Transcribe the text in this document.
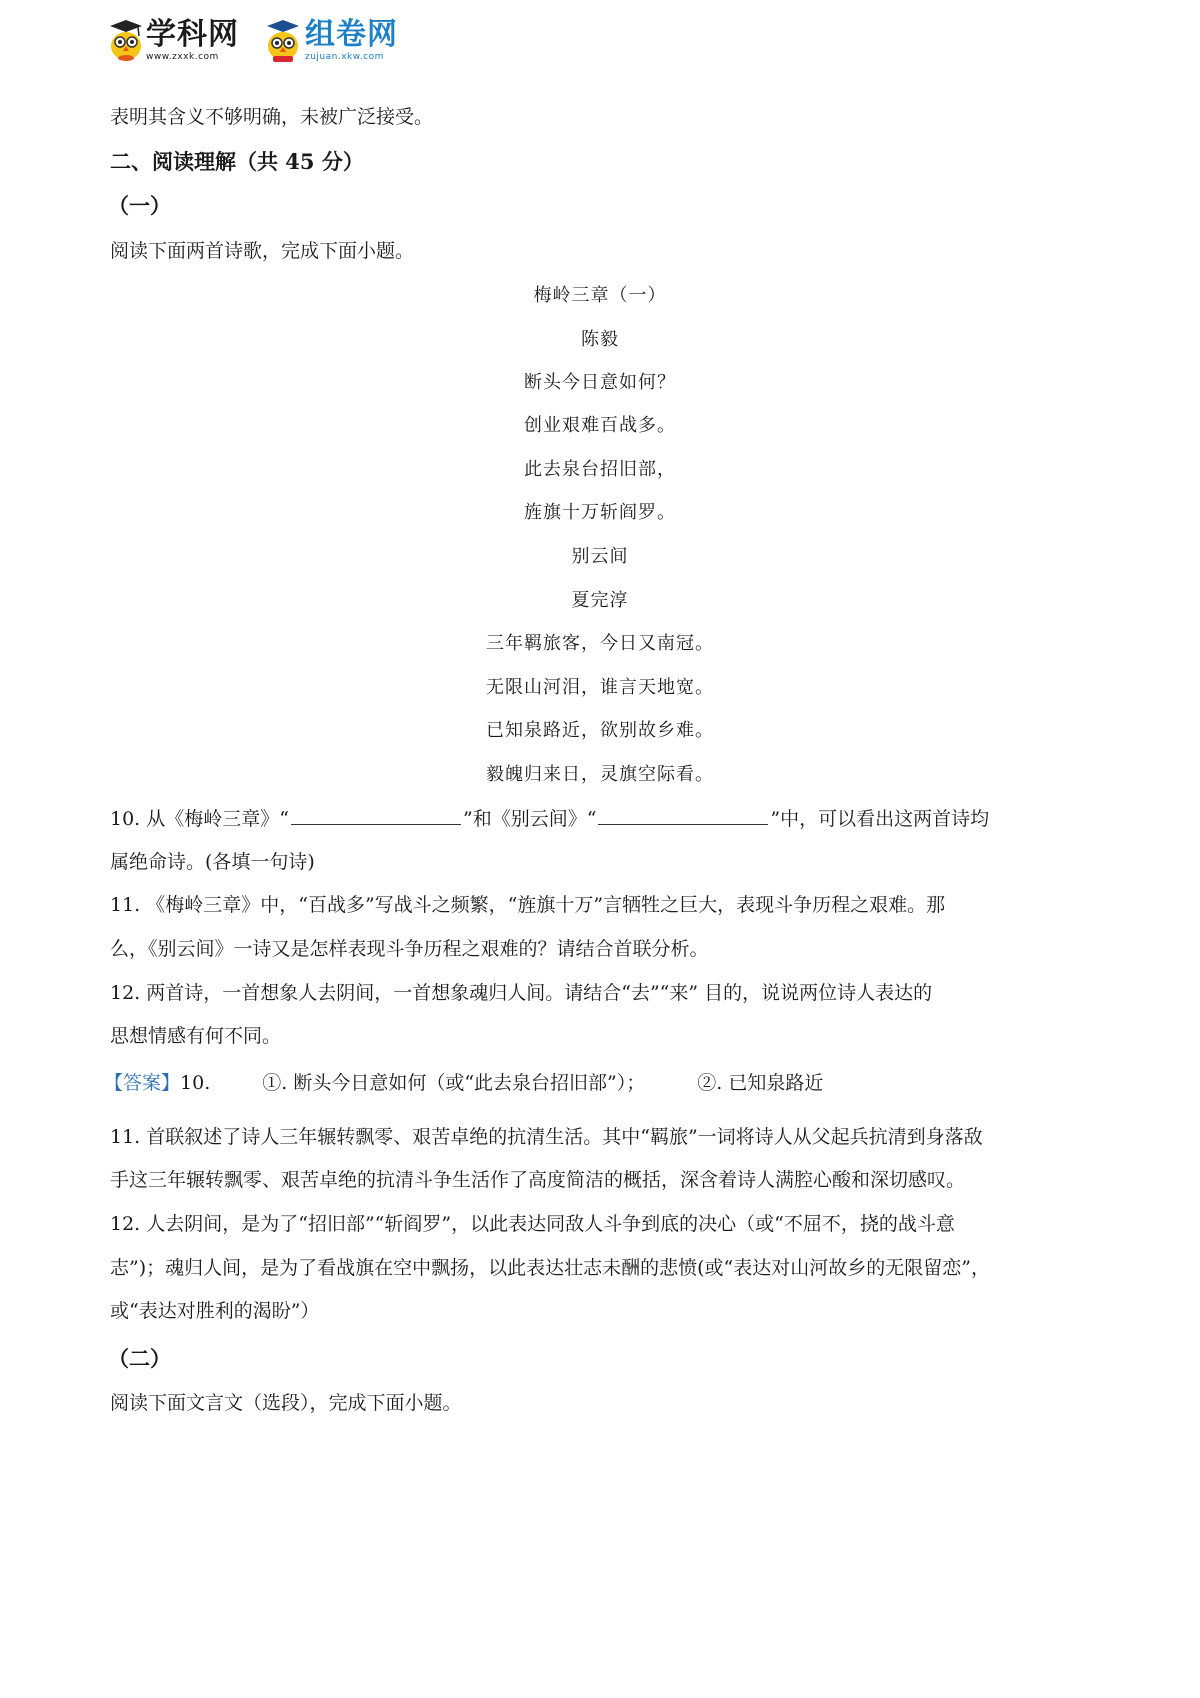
学科网
www.zxxk.com
组卷网
zujuan.xkw.com
表明其含义不够明确，未被广泛接受。
二、阅读理解（共 45 分）
（一）
阅读下面两首诗歌，完成下面小题。
梅岭三章（一）
陈毅
断头今日意如何？
创业艰难百战多。
此去泉台招旧部，
旌旗十万斩阎罗。
别云间
夏完淳
三年羁旅客，今日又南冠。
无限山河泪，谁言天地宽。
已知泉路近，欲别故乡难。
毅魄归来日，灵旗空际看。
10. 从《梅岭三章》“	”和《别云间》“	”中，可以看出这两首诗均
属绝命诗。(各填一句诗)
11. 《梅岭三章》中，“百战多”写战斗之频繁，“旌旗十万”言牺牲之巨大，表现斗争历程之艰难。那
么，《别云间》一诗又是怎样表现斗争历程之艰难的？请结合首联分析。
12. 两首诗，一首想象人去阴间，一首想象魂归人间。请结合“去”“来” 目的，说说两位诗人表达的
思想情感有何不同。
【答案】10.	①. 断头今日意如何（或“此去泉台招旧部”）；	②. 已知泉路近
11. 首联叙述了诗人三年辗转飘零、艰苦卓绝的抗清生活。其中“羁旅”一词将诗人从父起兵抗清到身落敌
手这三年辗转飘零、艰苦卓绝的抗清斗争生活作了高度简洁的概括，深含着诗人满腔心酸和深切感叹。
12. 人去阴间，是为了“招旧部”“斩阎罗”，以此表达同敌人斗争到底的决心（或“不屈不，挠的战斗意
志”)；魂归人间，是为了看战旗在空中飘扬，以此表达壮志未酬的悲愤(或“表达对山河故乡的无限留恋”，
或“表达对胜利的渴盼”）
（二）
阅读下面文言文（选段），完成下面小题。
